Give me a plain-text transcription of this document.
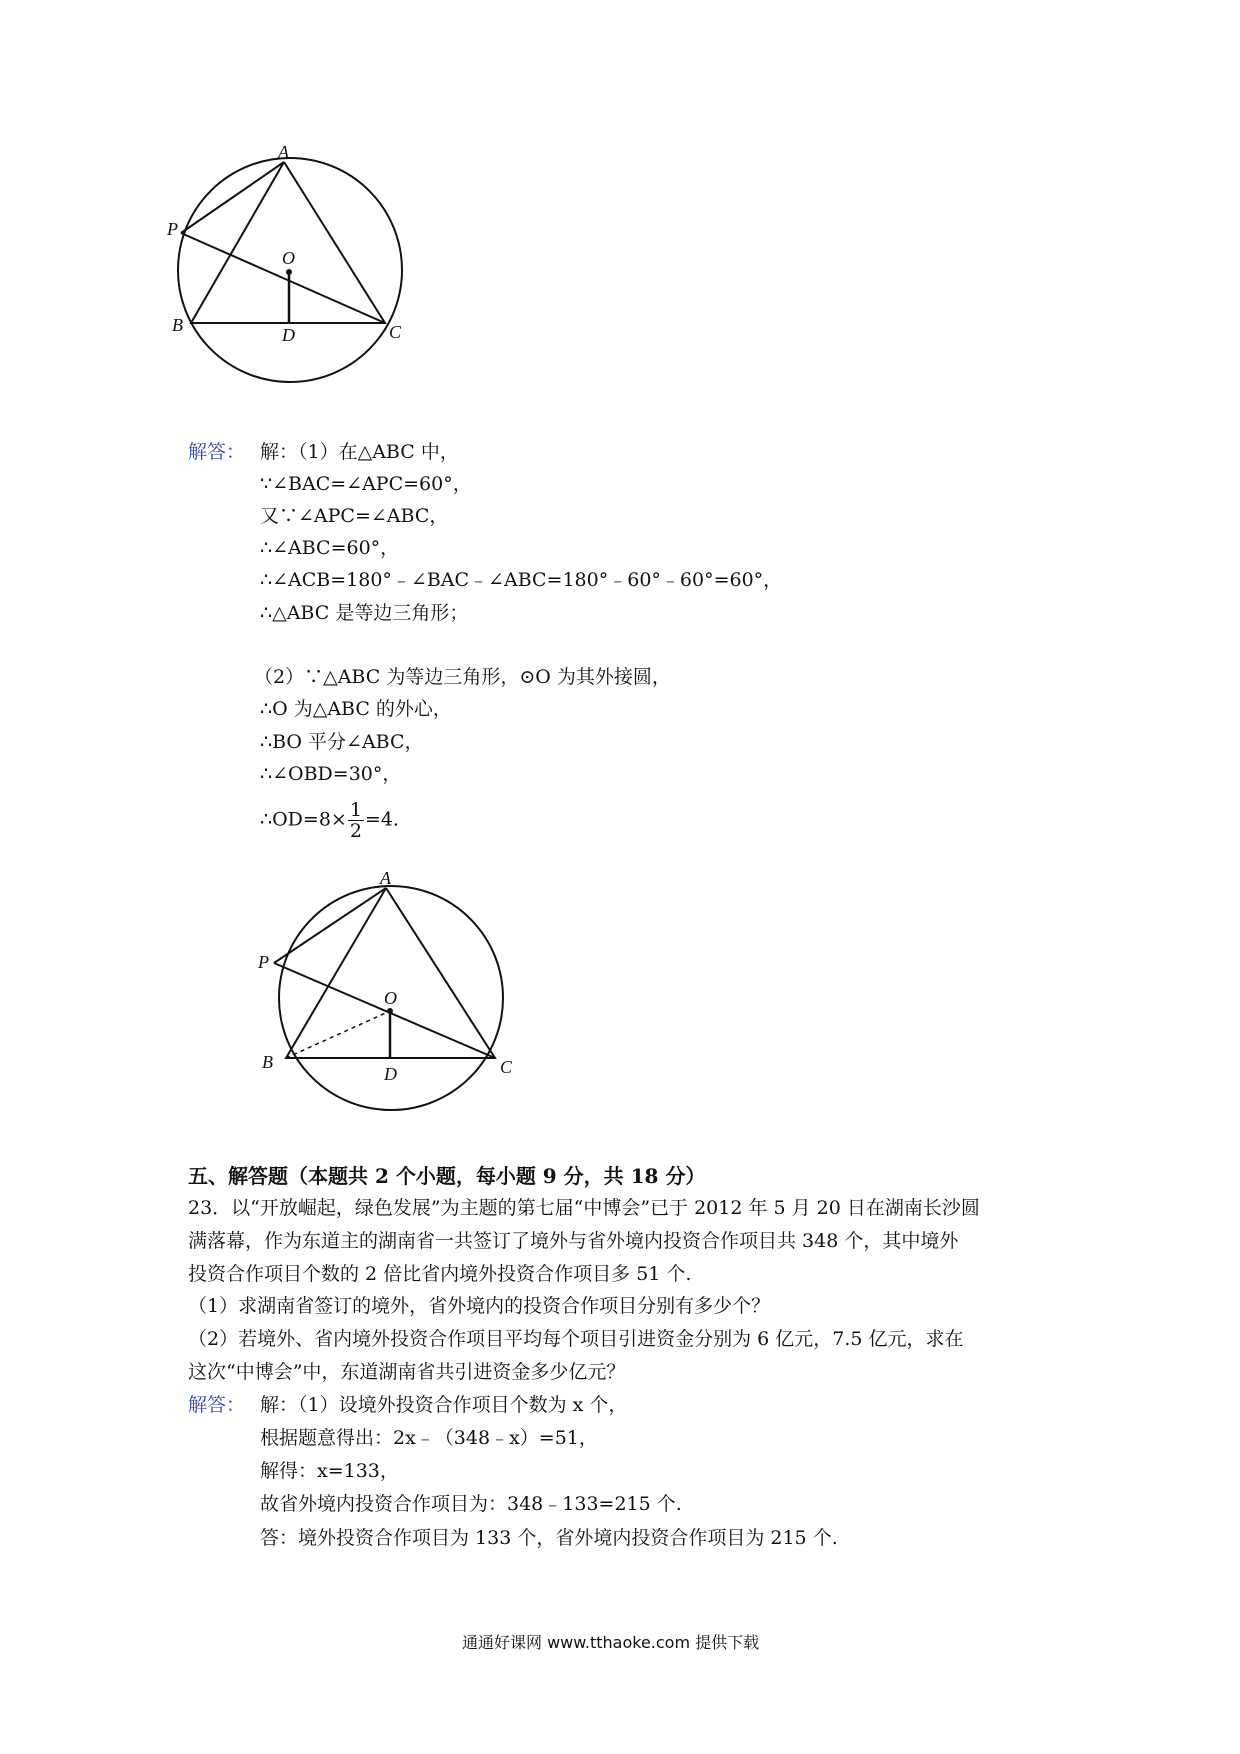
A
P
O
B	D	C
解答： 解：（1）在△ABC 中，
∵∠BAC=∠APC=60°，
又∵∠APC=∠ABC，
∴∠ABC=60°，
∴∠ACB=180°﹣∠BAC﹣∠ABC=180°﹣60°﹣60°=60°，
∴△ABC 是等边三角形；
（2）∵△ABC 为等边三角形，⊙O 为其外接圆，
∴O 为△ABC 的外心，
∴BO 平分∠ABC，
∴∠OBD=30°，
∴OD=8× $\frac{1}{2} =4$.
A
P
O
B
D	C
五、解答题（本题共 2 个小题，每小题 9 分，共 18 分）
23．以“开放崛起，绿色发展”为主题的第七届“中博会”已于 2012 年 5 月 20 日在湖南长沙圆
满落幕，作为东道主的湖南省一共签订了境外与省外境内投资合作项目共 348 个，其中境外
投资合作项目个数的 2 倍比省内境外投资合作项目多 51 个.
（1）求湖南省签订的境外，省外境内的投资合作项目分别有多少个？
（2）若境外、省内境外投资合作项目平均每个项目引进资金分别为 6 亿元，7.5 亿元，求在
这次“中博会”中，东道湖南省共引进资金多少亿元？
解答： 解：（1）设境外投资合作项目个数为 x 个，
根据题意得出：2x﹣（348﹣x）=51，
解得：x=133，
故省外境内投资合作项目为：348﹣133=215 个.
答：境外投资合作项目为 133 个，省外境内投资合作项目为 215 个.
通通好课网 www.tthaoke.com 提供下载
